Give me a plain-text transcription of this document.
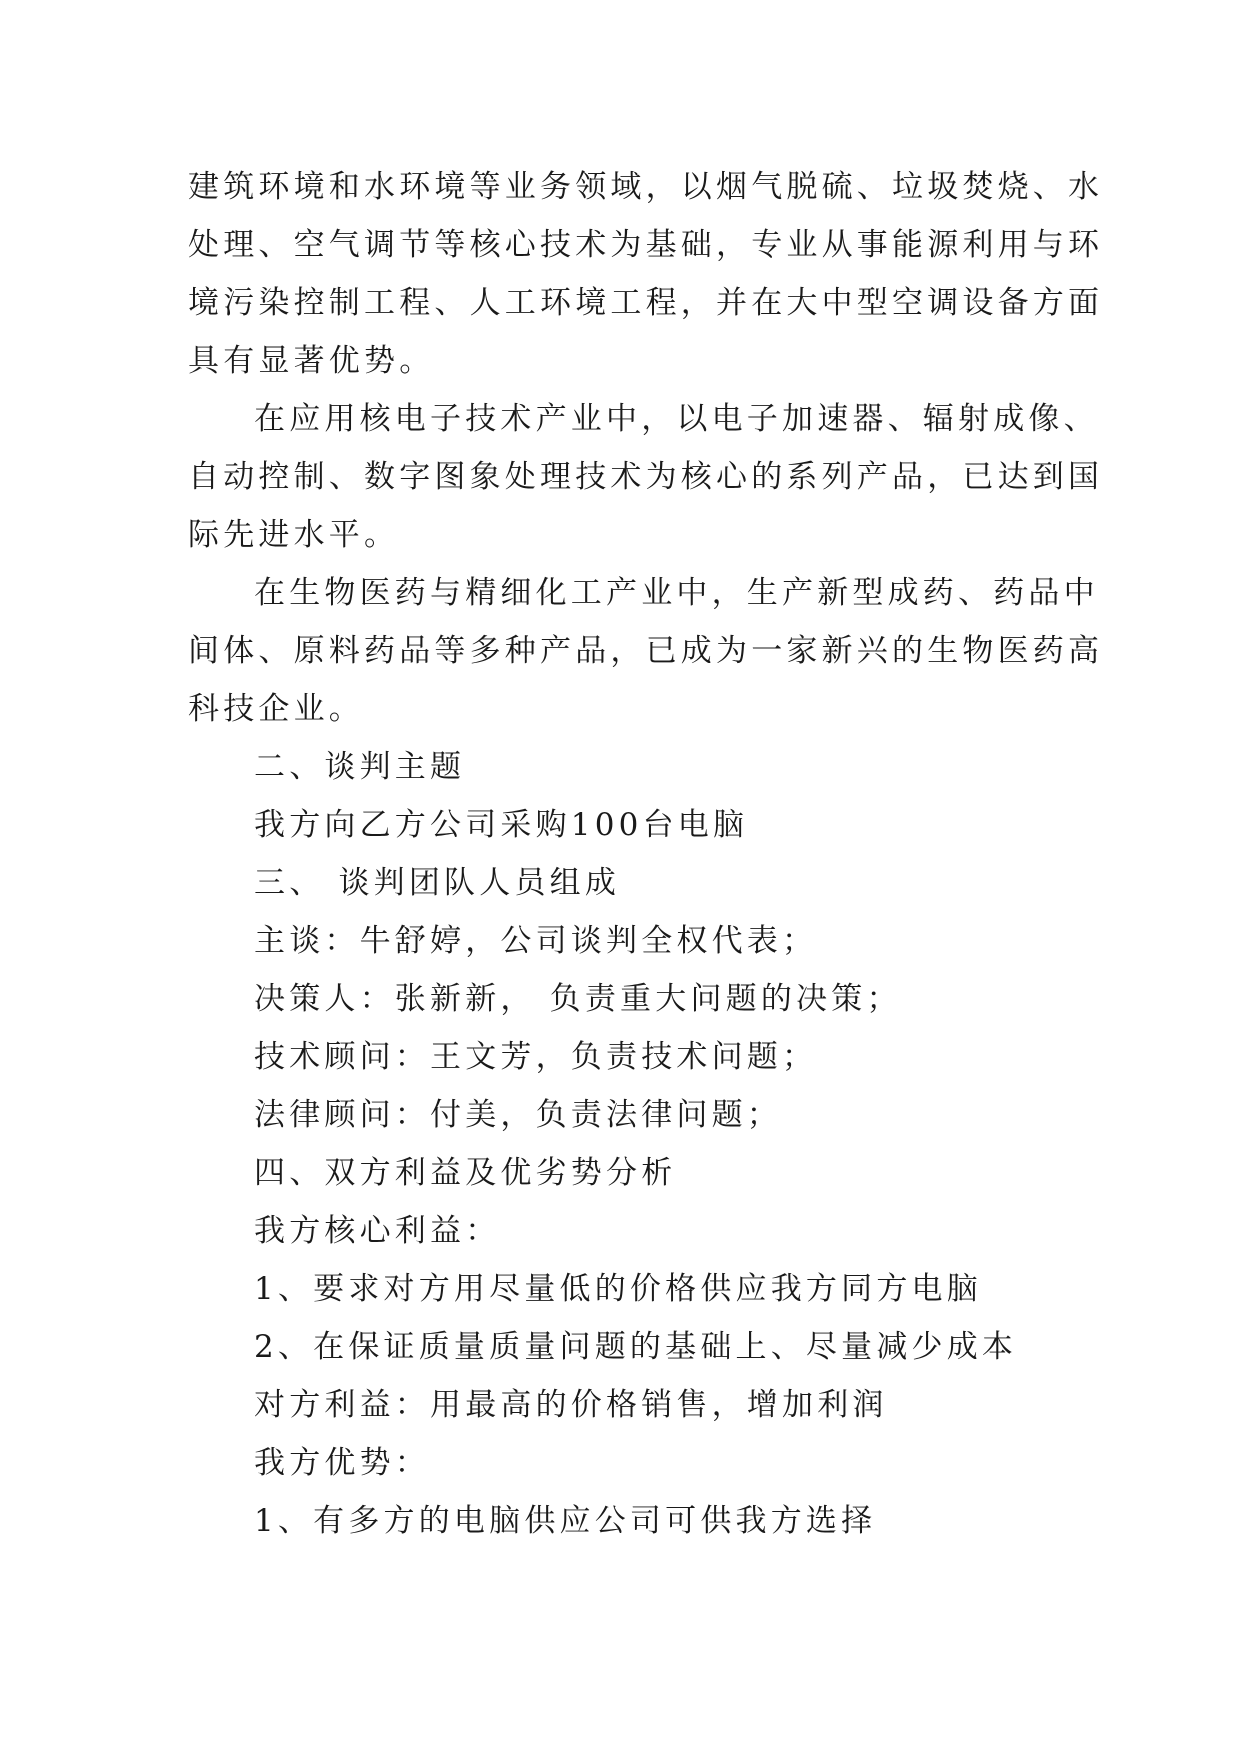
建筑环境和水环境等业务领域，以烟气脱硫、垃圾焚烧、水
处理、空气调节等核心技术为基础，专业从事能源利用与环
境污染控制工程、人工环境工程，并在大中型空调设备方面
具有显著优势。
在应用核电子技术产业中，以电子加速器、辐射成像、
自动控制、数字图象处理技术为核心的系列产品，已达到国
际先进水平。
在生物医药与精细化工产业中，生产新型成药、药品中
间体、原料药品等多种产品，已成为一家新兴的生物医药高
科技企业。
二、谈判主题
我方向乙方公司采购100台电脑
三、 谈判团队人员组成
主谈：牛舒婷，公司谈判全权代表；
决策人：张新新， 负责重大问题的决策；
技术顾问：王文芳，负责技术问题；
法律顾问：付美，负责法律问题；
四、双方利益及优劣势分析
我方核心利益：
1、要求对方用尽量低的价格供应我方同方电脑
2、在保证质量质量问题的基础上、尽量减少成本
对方利益：用最高的价格销售，增加利润
我方优势：
1、有多方的电脑供应公司可供我方选择
